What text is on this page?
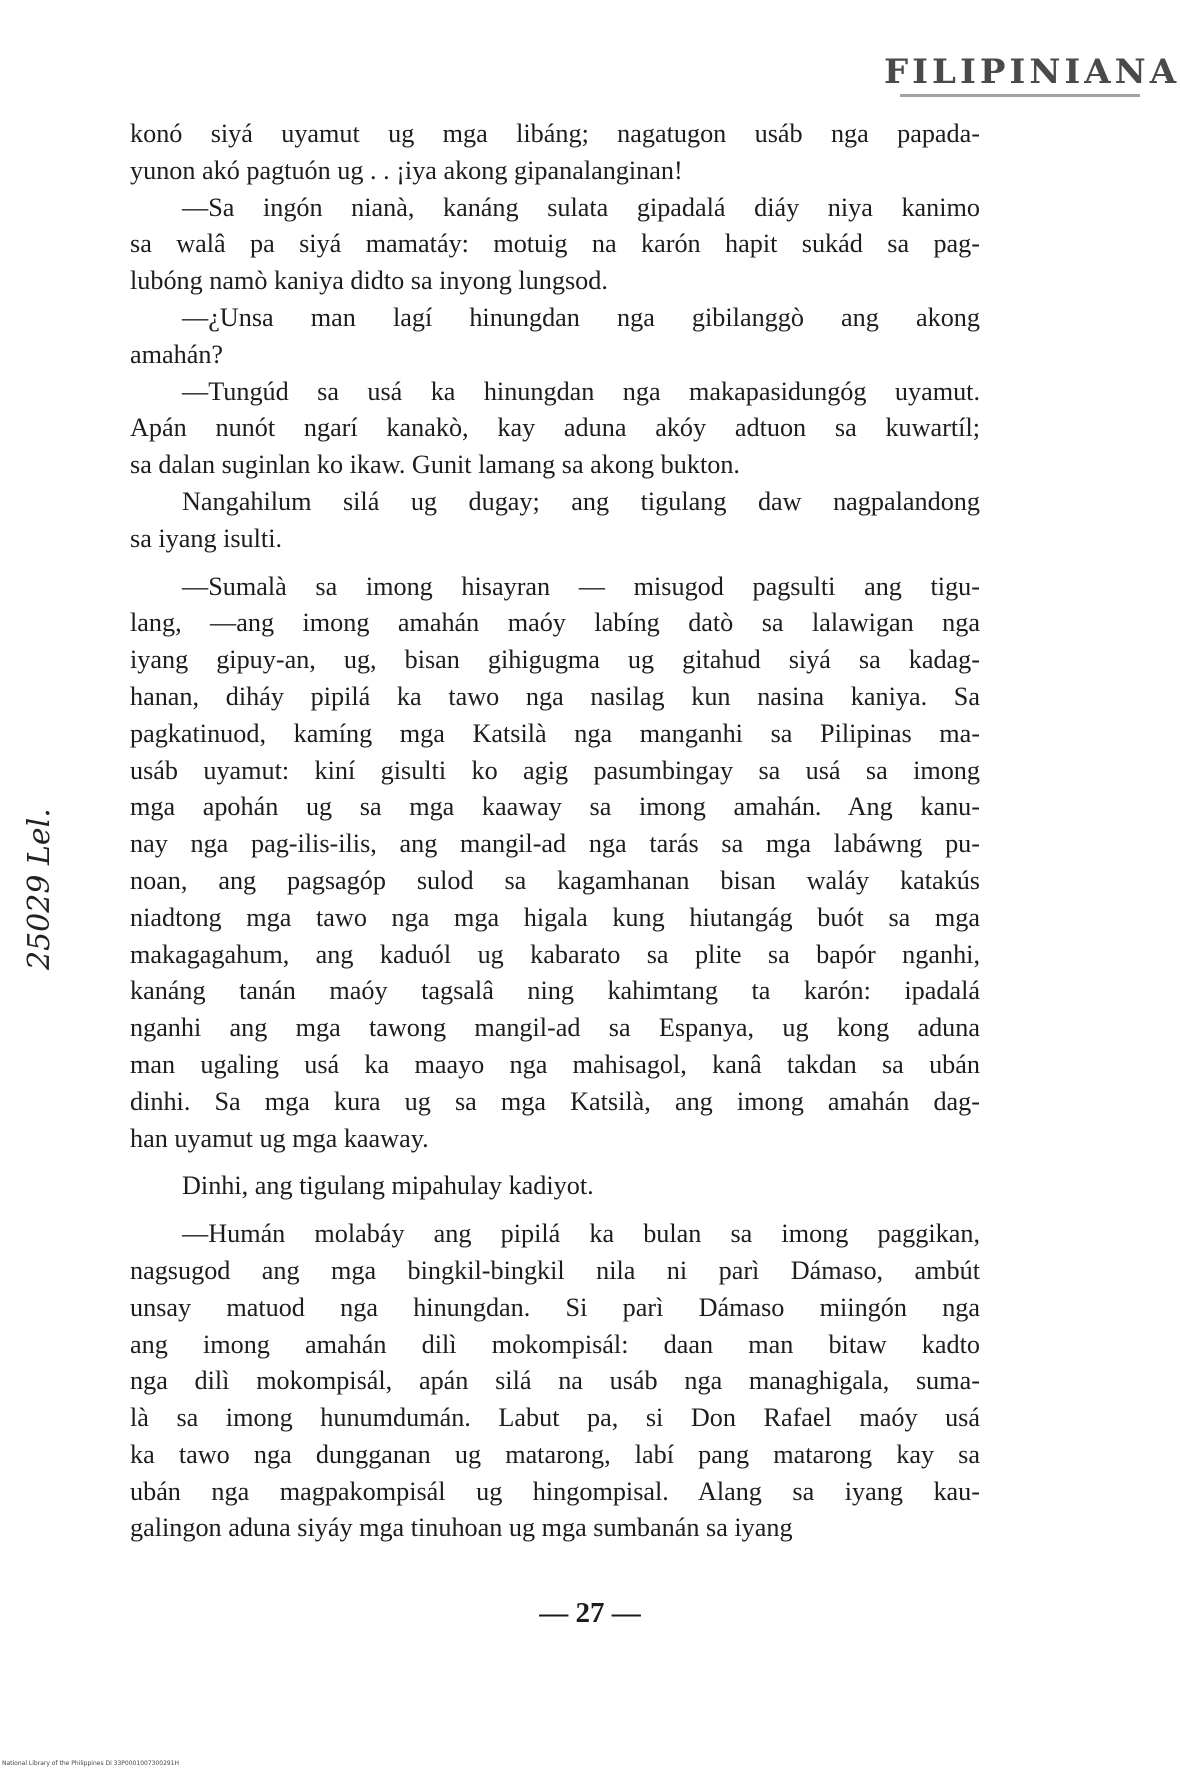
FILIPINIANA
25029 Lel.
konó siyá uyamut ug mga libáng; nagatugon usáb nga papada-
yunon akó pagtuón ug . . ¡iya akong gipanalanginan!
—Sa ingón nianà, kanáng sulata gipadalá diáy niya kanimo
sa walâ pa siyá mamatáy: motuig na karón hapit sukád sa pag-
lubóng namò kaniya didto sa inyong lungsod.
—¿Unsa man lagí hinungdan nga gibilanggò ang akong
amahán?
—Tungúd sa usá ka hinungdan nga makapasidungóg uyamut.
Apán nunót ngarí kanakò, kay aduna akóy adtuon sa kuwartíl;
sa dalan suginlan ko ikaw. Gunit lamang sa akong bukton.
Nangahilum silá ug dugay; ang tigulang daw nagpalandong
sa iyang isulti.
—Sumalà sa imong hisayran — misugod pagsulti ang tigu-
lang, —ang imong amahán maóy labíng datò sa lalawigan nga
iyang gipuy-an, ug, bisan gihigugma ug gitahud siyá sa kadag-
hanan, diháy pipilá ka tawo nga nasilag kun nasina kaniya. Sa
pagkatinuod, kamíng mga Katsilà nga manganhi sa Pilipinas ma-
usáb uyamut: kiní gisulti ko agig pasumbingay sa usá sa imong
mga apohán ug sa mga kaaway sa imong amahán. Ang kanu-
nay nga pag-ilis-ilis, ang mangil-ad nga tarás sa mga labáwng pu-
noan, ang pagsagóp sulod sa kagamhanan bisan waláy katakús
niadtong mga tawo nga mga higala kung hiutangág buót sa mga
makagagahum, ang kaduól ug kabarato sa plite sa bapór nganhi,
kanáng tanán maóy tagsalâ ning kahimtang ta karón: ipadalá
nganhi ang mga tawong mangil-ad sa Espanya, ug kong aduna
man ugaling usá ka maayo nga mahisagol, kanâ takdan sa ubán
dinhi. Sa mga kura ug sa mga Katsilà, ang imong amahán dag-
han uyamut ug mga kaaway.
Dinhi, ang tigulang mipahulay kadiyot.
—Humán molabáy ang pipilá ka bulan sa imong paggikan,
nagsugod ang mga bingkil-bingkil nila ni parì Dámaso, ambút
unsay matuod nga hinungdan. Si parì Dámaso miingón nga
ang imong amahán dilì mokompisál: daan man bitaw kadto
nga dilì mokompisál, apán silá na usáb nga managhigala, suma-
là sa imong hunumdumán. Labut pa, si Don Rafael maóy usá
ka tawo nga dungganan ug matarong, labí pang matarong kay sa
ubán nga magpakompisál ug hingompisal. Alang sa iyang kau-
galingon aduna siyáy mga tinuhoan ug mga sumbanán sa iyang
— 27 —
National Library of the Philippines Di 33P0001007300291H
